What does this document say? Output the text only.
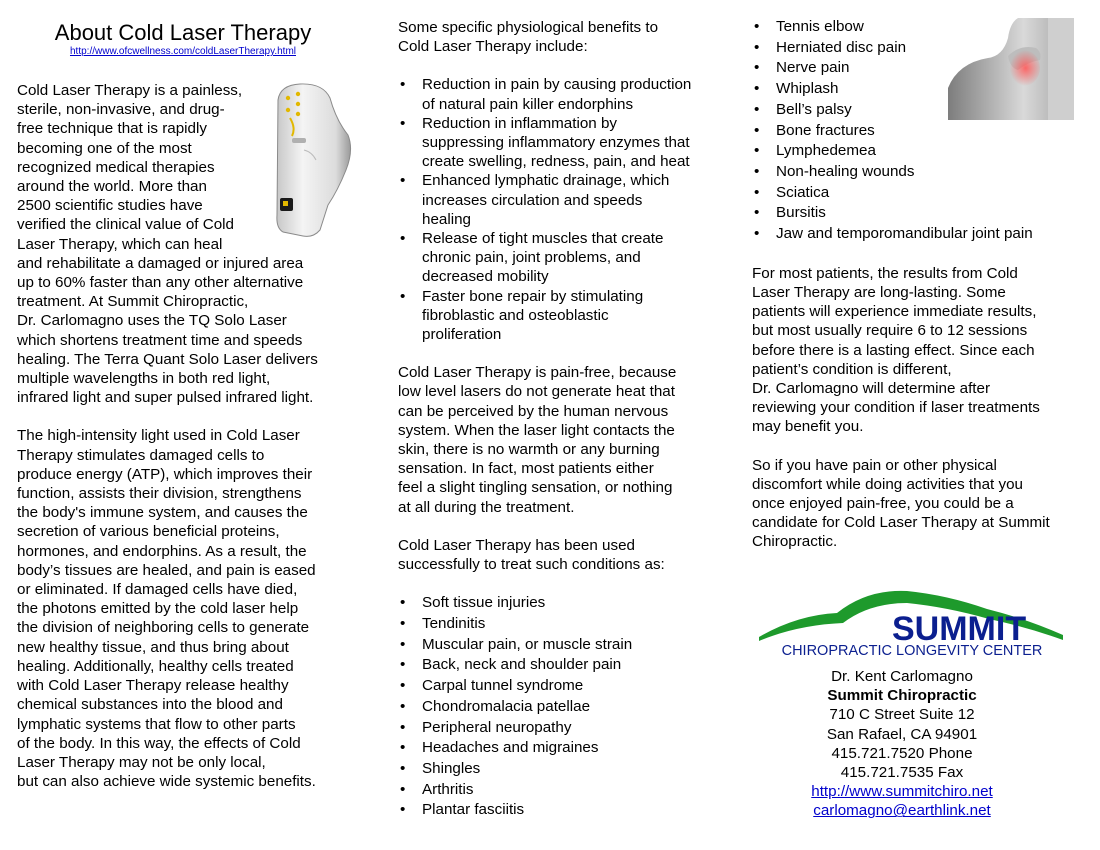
About Cold Laser Therapy
http://www.ofcwellness.com/coldLaserTherapy.html
Cold Laser Therapy is a painless,
sterile, non-invasive, and drug-
free technique that is rapidly
becoming one of the most
recognized medical therapies
around the world. More than
2500 scientific studies have
verified the clinical value of Cold
Laser Therapy, which can heal
and rehabilitate a damaged or injured area
up to 60% faster than any other alternative
treatment. At Summit Chiropractic,
Dr. Carlomagno uses the TQ Solo Laser
which shortens treatment time and speeds
healing. The Terra Quant Solo Laser delivers
multiple wavelengths in both red light,
infrared light and super pulsed infrared light.
The high-intensity light used in Cold Laser
Therapy stimulates damaged cells to
produce energy (ATP), which improves their
function, assists their division, strengthens
the body's immune system, and causes the
secretion of various beneficial proteins,
hormones, and endorphins. As a result, the
body’s tissues are healed, and pain is eased
or eliminated. If damaged cells have died,
the photons emitted by the cold laser help
the division of neighboring cells to generate
new healthy tissue, and thus bring about
healing. Additionally, healthy cells treated
with Cold Laser Therapy release healthy
chemical substances into the blood and
lymphatic systems that flow to other parts
of the body. In this way, the effects of Cold
Laser Therapy may not be only local,
but can also achieve wide systemic benefits.
Some specific physiological benefits to
Cold Laser Therapy include:
• Reduction in pain by causing production
of natural pain killer endorphins
• Reduction in inflammation by
suppressing inflammatory enzymes that
create swelling, redness, pain, and heat
• Enhanced lymphatic drainage, which
increases circulation and speeds
healing
• Release of tight muscles that create
chronic pain, joint problems, and
decreased mobility
• Faster bone repair by stimulating
fibroblastic and osteoblastic
proliferation
Cold Laser Therapy is pain-free, because
low level lasers do not generate heat that
can be perceived by the human nervous
system. When the laser light contacts the
skin, there is no warmth or any burning
sensation. In fact, most patients either
feel a slight tingling sensation, or nothing
at all during the treatment.
Cold Laser Therapy has been used
successfully to treat such conditions as:
• Soft tissue injuries
• Tendinitis
• Muscular pain, or muscle strain
• Back, neck and shoulder pain
• Carpal tunnel syndrome
• Chondromalacia patellae
• Peripheral neuropathy
• Headaches and migraines
• Shingles
• Arthritis
• Plantar fasciitis
• Tennis elbow
• Herniated disc pain
• Nerve pain
• Whiplash
• Bell’s palsy
• Bone fractures
• Lymphedemea
• Non-healing wounds
• Sciatica
• Bursitis
• Jaw and temporomandibular joint pain
For most patients, the results from Cold
Laser Therapy are long-lasting. Some
patients will experience immediate results,
but most usually require 6 to 12 sessions
before there is a lasting effect. Since each
patient’s condition is different,
Dr. Carlomagno will determine after
reviewing your condition if laser treatments
may benefit you.
So if you have pain or other physical
discomfort while doing activities that you
once enjoyed pain-free, you could be a
candidate for Cold Laser Therapy at Summit
Chiropractic.
SUMMIT
CHIROPRACTIC LONGEVITY CENTER
Dr. Kent Carlomagno
Summit Chiropractic
710 C Street Suite 12
San Rafael, CA 94901
415.721.7520 Phone
415.721.7535 Fax
http://www.summitchiro.net
carlomagno@earthlink.net
